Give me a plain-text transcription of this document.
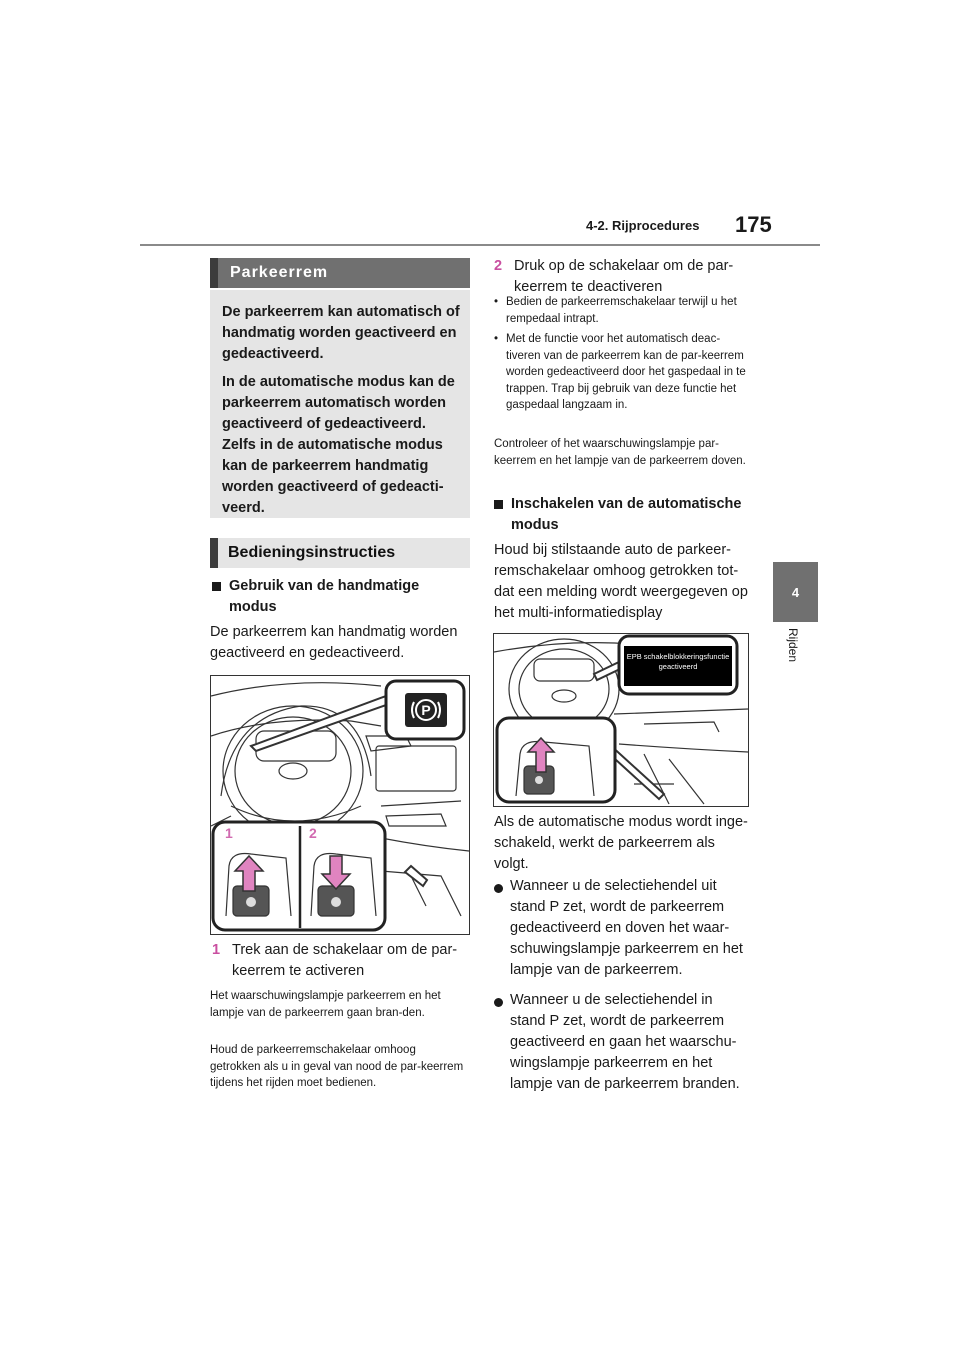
4-2. Rijprocedures 175
4
Rijden
Parkeerrem

De parkeerrem kan automatisch of handmatig worden geactiveerd en gedeactiveerd.

In de automatische modus kan de parkeerrem automatisch worden geactiveerd of gedeactiveerd. Zelfs in de automatische modus kan de parkeerrem handmatig worden geactiveerd of gedeacti-veerd.

Bedieningsinstructies
Gebruik van de handmatige modus
De parkeerrem kan handmatig worden geactiveerd en gedeactiveerd.
P
1	2
1 Trek aan de schakelaar om de par-keerrem te activeren
Het waarschuwingslampje parkeerrem en het lampje van de parkeerrem gaan bran-den.
Houd de parkeerremschakelaar omhoog getrokken als u in geval van nood de par-keerrem tijdens het rijden moet bedienen.
2 Druk op de schakelaar om de par-keerrem te deactiveren
• Bedien de parkeerremschakelaar terwijl u het rempedaal intrapt.
• Met de functie voor het automatisch deac-tiveren van de parkeerrem kan de par-keerrem worden gedeactiveerd door het gaspedaal in te trappen. Trap bij gebruik van deze functie het gaspedaal langzaam in.
Controleer of het waarschuwingslampje par-keerrem en het lampje van de parkeerrem doven.
Inschakelen van de automatische modus
Houd bij stilstaande auto de parkeer-remschakelaar omhoog getrokken tot-dat een melding wordt weergegeven op het multi-informatiedisplay
EPB schakelblokkeringsfunctie geactiveerd
Als de automatische modus wordt inge-schakeld, werkt de parkeerrem als volgt.
Wanneer u de selectiehendel uit stand P zet, wordt de parkeerrem gedeactiveerd en doven het waar-schuwingslampje parkeerrem en het lampje van de parkeerrem.
Wanneer u de selectiehendel in stand P zet, wordt de parkeerrem geactiveerd en gaan het waarschu-wingslampje parkeerrem en het lampje van de parkeerrem branden.
